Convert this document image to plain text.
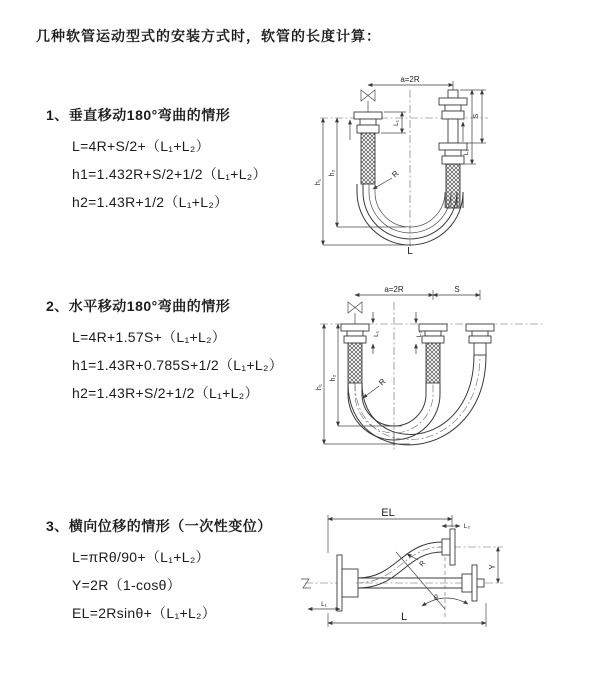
几种软管运动型式的安装方式时，软管的长度计算：
1、垂直移动180°弯曲的情形
L=4R+S/2+（L₁+L₂）
h1=1.432R+S/2+1/2（L₁+L₂）
h2=1.43R+1/2（L₁+L₂）
2、水平移动180°弯曲的情形
L=4R+1.57S+（L₁+L₂）
h1=1.43R+0.785S+1/2（L₁+L₂）
h2=1.43R+S/2+1/2（L₁+L₂）
3、横向位移的情形（一次性变位）
L=πRθ/90+（L₁+L₂）
Y=2R（1-cosθ）
EL=2Rsinθ+（L₁+L₂）
a=2R
h₁
h₂
L₁
S
L₂
R
L
a=2R	S
h₁
h₂
L₁	L₂
R
EL
L₂
Y
θ
R
L
L₁
